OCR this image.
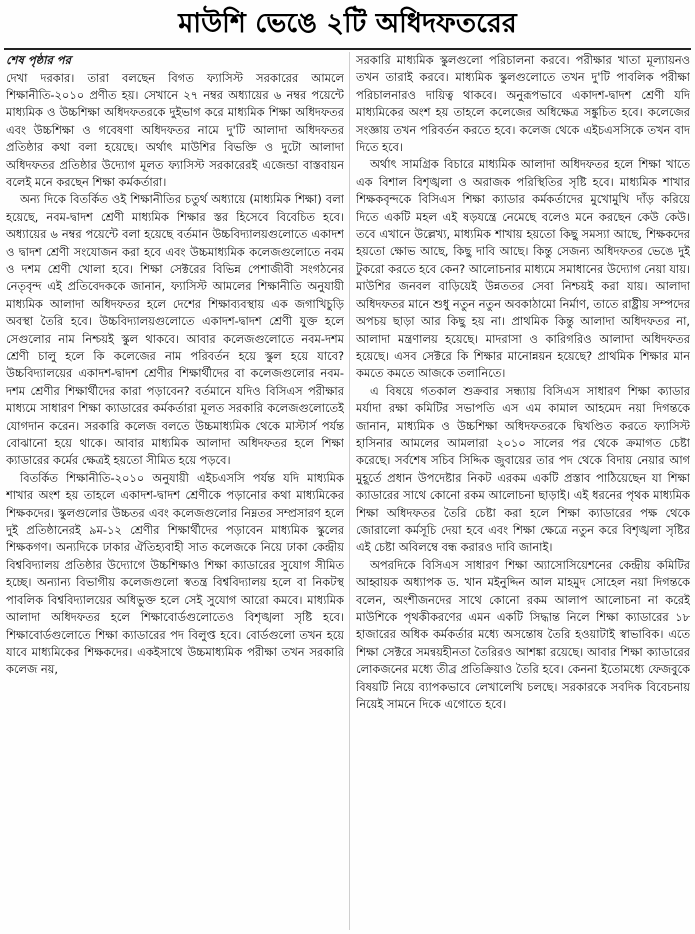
মাউশি ভেঙে ২টি অধিদফতরের
শেষ পৃষ্ঠার পর

দেখা দরকার। তারা বলছেন বিগত ফ্যাসিস্ট সরকারের আমলে শিক্ষানীতি-২০১০ প্রণীত হয়। সেখানে ২৭ নম্বর অধ্যায়ের ৬ নম্বর পয়েন্টে মাধ্যমিক ও উচ্চশিক্ষা অধিদফতরকে দুইভাগ করে মাধ্যমিক শিক্ষা অধিদফতর এবং উচ্চশিক্ষা ও গবেষণা অধিদফতর নামে দু'টি আলাদা অধিদফতর প্রতিষ্ঠার কথা বলা হয়েছে। অর্থাৎ মাউশির বিভক্তি ও দুটো আলাদা অধিদফতর প্রতিষ্ঠার উদ্যোগ মূলত ফ্যাসিস্ট সরকারেরই এজেন্ডা বাস্তবায়ন বলেই মনে করছেন শিক্ষা কর্মকর্তারা।

অন্য দিকে বিতর্কিত ওই শিক্ষানীতির চতুর্থ অধ্যায়ে (মাধ্যমিক শিক্ষা) বলা হয়েছে, নবম-দ্বাদশ শ্রেণী মাধ্যমিক শিক্ষার স্তর হিসেবে বিবেচিত হবে। অধ্যায়ের ৬ নম্বর পয়েন্টে বলা হয়েছে বর্তমান উচ্চবিদ্যালয়গুলোতে একাদশ ও দ্বাদশ শ্রেণী সংযোজন করা হবে এবং উচ্চমাধ্যমিক কলেজগুলোতে নবম ও দশম শ্রেণী খোলা হবে। শিক্ষা সেক্টরের বিভিন্ন পেশাজীবী সংগঠনের নেতৃবৃন্দ এই প্রতিবেদককে জানান, ফ্যাসিস্ট আমলের শিক্ষানীতি অনুযায়ী মাধ্যমিক আলাদা অধিদফতর হলে দেশের শিক্ষাব্যবস্থায় এক জগাখিচুড়ি অবস্থা তৈরি হবে। উচ্চবিদ্যালয়গুলোতে একাদশ-দ্বাদশ শ্রেণী যুক্ত হলে সেগুলোর নাম নিশ্চয়ই স্কুল থাকবে। আবার কলেজগুলোতে নবম-দশম শ্রেণী চালু হলে কি কলেজের নাম পরিবর্তন হয়ে স্কুল হয়ে যাবে? উচ্চবিদ্যালয়ের একাদশ-দ্বাদশ শ্রেণীর শিক্ষার্থীদের বা কলেজগুলোর নবম-দশম শ্রেণীর শিক্ষার্থীদের কারা পড়াবেন? বর্তমানে যদিও বিসিএস পরীক্ষার মাধ্যমে সাধারণ শিক্ষা ক্যাডারের কর্মকর্তারা মূলত সরকারি কলেজগুলোতেই যোগদান করেন। সরকারি কলেজ বলতে উচ্চমাধ্যমিক থেকে মাস্টার্স পর্যন্ত বোঝানো হয়ে থাকে। আবার মাধ্যমিক আলাদা অধিদফতর হলে শিক্ষা ক্যাডারের কর্মের ক্ষেত্রই হয়তো সীমিত হয়ে পড়বে।

বিতর্কিত শিক্ষানীতি-২০১০ অনুযায়ী এইচএসসি পর্যন্ত যদি মাধ্যমিক শাখার অংশ হয় তাহলে একাদশ-দ্বাদশ শ্রেণীকে পড়ানোর কথা মাধ্যমিকের শিক্ষকদের। স্কুলগুলোর উচ্চতর এবং কলেজগুলোর নিম্নতর সম্প্রসারণ হলে দুই প্রতিষ্ঠানেরই ৯ম-১২ শ্রেণীর শিক্ষার্থীদের পড়াবেন মাধ্যমিক স্কুলের শিক্ষকগণ। অন্যদিকে ঢাকার ঐতিহ্যবাহী সাত কলেজকে নিয়ে ঢাকা কেন্দ্রীয় বিশ্ববিদ্যালয় প্রতিষ্ঠার উদ্যোগে উচ্চশিক্ষাও শিক্ষা ক্যাডারের সুযোগ সীমিত হচ্ছে। অন্যান্য বিভাগীয় কলেজগুলো স্বতন্ত্র বিশ্ববিদ্যালয় হলে বা নিকটস্থ পাবলিক বিশ্ববিদ্যালয়ের অধিভুক্ত হলে সেই সুযোগ আরো কমবে। মাধ্যমিক আলাদা অধিদফতর হলে শিক্ষাবোর্ডগুলোতেও বিশৃঙ্খলা সৃষ্টি হবে। শিক্ষাবোর্ডগুলোতে শিক্ষা ক্যাডারের পদ বিলুপ্ত হবে। বোর্ডগুলো তখন হয়ে যাবে মাধ্যমিকের শিক্ষকদের। একইসাথে উচ্চমাধ্যমিক পরীক্ষা তখন সরকারি কলেজ নয়,

সরকারি মাধ্যমিক স্কুলগুলো পরিচালনা করবে। পরীক্ষার খাতা মূল্যায়নও তখন তারাই করবে। মাধ্যমিক স্কুলগুলোতে তখন দু'টি পাবলিক পরীক্ষা পরিচালনারও দায়িত্ব থাকবে। অনুরূপভাবে একাদশ-দ্বাদশ শ্রেণী যদি মাধ্যমিকের অংশ হয় তাহলে কলেজের অধিক্ষেত্র সঙ্কুচিত হবে। কলেজের সংজ্ঞায় তখন পরিবর্তন করতে হবে। কলেজ থেকে এইচএসসিকে তখন বাদ দিতে হবে।

অর্থাৎ সামগ্রিক বিচারে মাধ্যমিক আলাদা অধিদফতর হলে শিক্ষা খাতে এক বিশাল বিশৃঙ্খলা ও অরাজক পরিস্থিতির সৃষ্টি হবে। মাধ্যমিক শাখার শিক্ষকবৃন্দকে বিসিএস শিক্ষা ক্যাডার কর্মকর্তাদের মুখোমুখি দাঁড় করিয়ে দিতে একটি মহল এই ষড়যন্ত্রে নেমেছে বলেও মনে করছেন কেউ কেউ। তবে এখানে উল্লেখ্য, মাধ্যমিক শাখায় হয়তো কিছু সমস্যা আছে, শিক্ষকদের হয়তো ক্ষোভ আছে, কিছু দাবি আছে। কিন্তু সেজন্য অধিদফতর ভেঙে দুই টুকরো করতে হবে কেন? আলোচনার মাধ্যমে সমাধানের উদ্যোগ নেয়া যায়। মাউশির জনবল বাড়িয়েই উন্নততর সেবা নিশ্চয়ই করা যায়। আলাদা অধিদফতর মানে শুধু নতুন নতুন অবকাঠামো নির্মাণ, তাতে রাষ্ট্রীয় সম্পদের অপচয় ছাড়া আর কিছু হয় না। প্রাথমিক কিন্তু আলাদা অধিদফতর না, আলাদা মন্ত্রণালয় হয়েছে। মাদরাসা ও কারিগরিও আলাদা অধিদফতর হয়েছে। এসব সেক্টরে কি শিক্ষার মানোন্নয়ন হয়েছে? প্রাথমিক শিক্ষার মান কমতে কমতে আজকে তলানিতে।

এ বিষয়ে গতকাল শুক্রবার সন্ধ্যায় বিসিএস সাধারণ শিক্ষা ক্যাডার মর্যাদা রক্ষা কমিটির সভাপতি এস এম কামাল আহমেদ নয়া দিগন্তকে জানান, মাধ্যমিক ও উচ্চশিক্ষা অধিদফতরকে দ্বিখণ্ডিত করতে ফ্যাসিস্ট হাসিনার আমলের আমলারা ২০১০ সালের পর থেকে ক্রমাগত চেষ্টা করেছে। সর্বশেষ সচিব সিদ্দিক জুবায়ের তার পদ থেকে বিদায় নেয়ার আগ মুহূর্তে প্রধান উপদেষ্টার নিকট এরকম একটি প্রস্তাব পাঠিয়েছেন যা শিক্ষা ক্যাডারের সাথে কোনো রকম আলোচনা ছাড়াই। এই ধরনের পৃথক মাধ্যমিক শিক্ষা অধিদফতর তৈরি চেষ্টা করা হলে শিক্ষা ক্যাডারের পক্ষ থেকে জোরালো কর্মসূচি দেয়া হবে এবং শিক্ষা ক্ষেত্রে নতুন করে বিশৃঙ্খলা সৃষ্টির এই চেষ্টা অবিলম্বে বন্ধ করারও দাবি জানাই।

অপরদিকে বিসিএস সাধারণ শিক্ষা অ্যাসোসিয়েশনের কেন্দ্রীয় কমিটির আহ্বায়ক অধ্যাপক ড. খান মইনুদ্দিন আল মাহমুদ সোহেল নয়া দিগন্তকে বলেন, অংশীজনদের সাথে কোনো রকম আলাপ আলোচনা না করেই মাউশিকে পৃথকীকরণের এমন একটি সিদ্ধান্ত নিলে শিক্ষা ক্যাডারের ১৮ হাজারের অধিক কর্মকর্তার মধ্যে অসন্তোষ তৈরি হওয়াটাই স্বাভাবিক। এতে শিক্ষা সেক্টরে সমন্বয়হীনতা তৈরিরও আশঙ্কা রয়েছে। আবার শিক্ষা ক্যাডারের লোকজনের মধ্যে তীব্র প্রতিক্রিয়াও তৈরি হবে। কেননা ইতোমধ্যে ফেজবুকে বিষয়টি নিয়ে ব্যাপকভাবে লেখালেখি চলছে। সরকারকে সবদিক বিবেচনায় নিয়েই সামনে দিকে এগোতে হবে।
